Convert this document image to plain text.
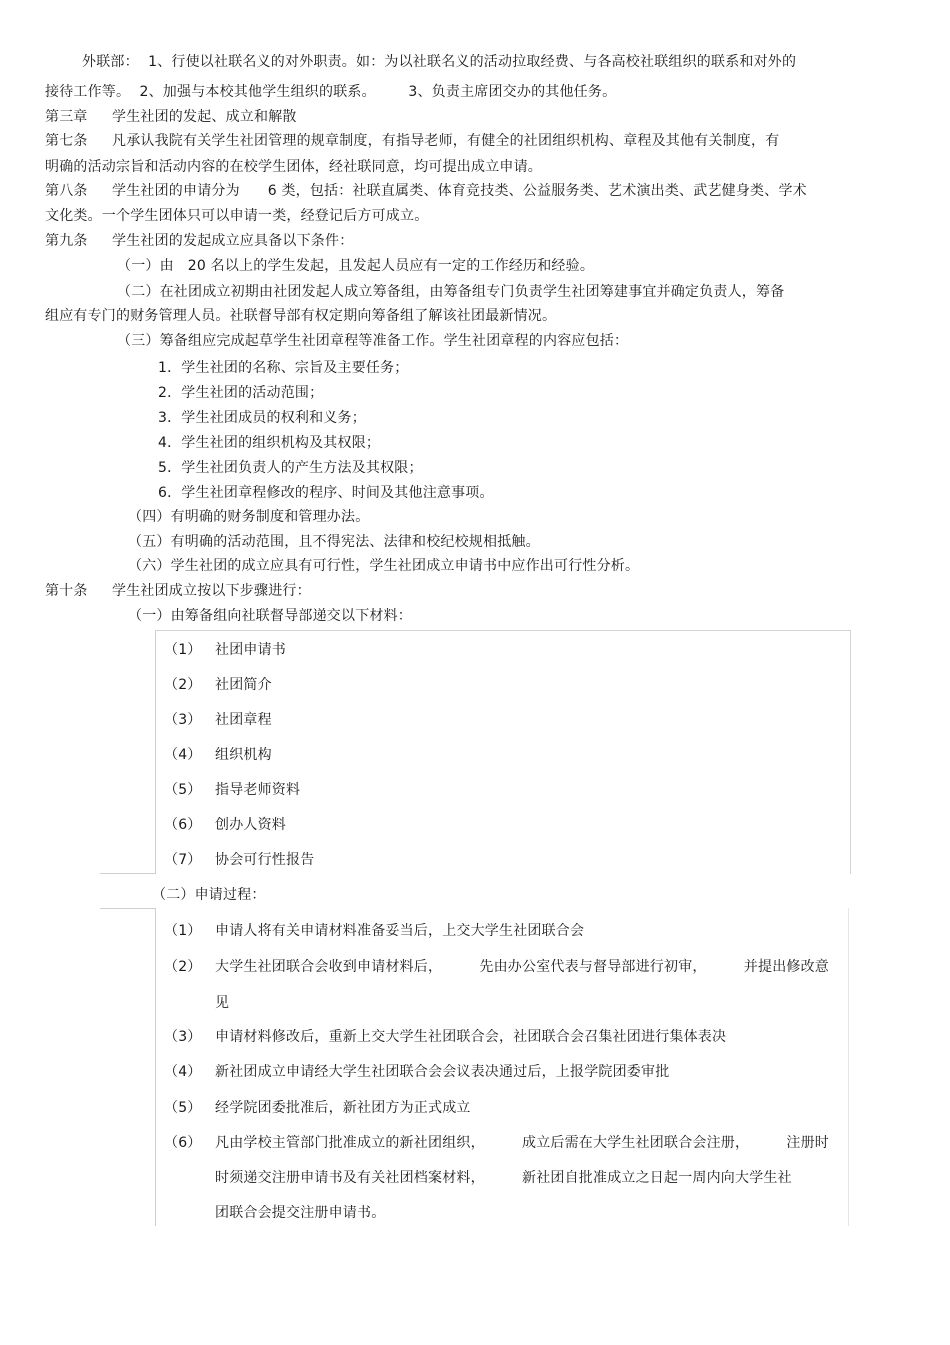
外联部：  1、行使以社联名义的对外职责。如：为以社联名义的活动拉取经费、与各高校社联组织的联系和对外的
接待工作等。  2、加强与本校其他学生组织的联系。       3、负责主席团交办的其他任务。
第三章 学生社团的发起、成立和解散
第七条 凡承认我院有关学生社团管理的规章制度，有指导老师，有健全的社团组织机构、章程及其他有关制度，有
明确的活动宗旨和活动内容的在校学生团体，经社联同意，均可提出成立申请。
第八条 学生社团的申请分为      6 类，包括：社联直属类、体育竞技类、公益服务类、艺术演出类、武艺健身类、学术
文化类。一个学生团体只可以申请一类，经登记后方可成立。
第九条 学生社团的发起成立应具备以下条件：
（一）由   20 名以上的学生发起，且发起人员应有一定的工作经历和经验。
（二）在社团成立初期由社团发起人成立筹备组，由筹备组专门负责学生社团筹建事宜并确定负责人，筹备
组应有专门的财务管理人员。社联督导部有权定期向筹备组了解该社团最新情况。
（三）筹备组应完成起草学生社团章程等准备工作。学生社团章程的内容应包括：
1．学生社团的名称、宗旨及主要任务；
2．学生社团的活动范围；
3．学生社团成员的权利和义务；
4．学生社团的组织机构及其权限；
5．学生社团负责人的产生方法及其权限；
6．学生社团章程修改的程序、时间及其他注意事项。
（四）有明确的财务制度和管理办法。
（五）有明确的活动范围，且不得宪法、法律和校纪校规相抵触。
（六）学生社团的成立应具有可行性，学生社团成立申请书中应作出可行性分析。
第十条 学生社团成立按以下步骤进行：
（一）由筹备组向社联督导部递交以下材料：
（1） 社团申请书
（2） 社团简介
（3） 社团章程
（4） 组织机构
（5） 指导老师资料
（6） 创办人资料
（7） 协会可行性报告
（二）申请过程：
（1） 申请人将有关申请材料准备妥当后，上交大学生社团联合会
（2） 大学生社团联合会收到申请材料后，        先由办公室代表与督导部进行初审，        并提出修改意
见
（3） 申请材料修改后，重新上交大学生社团联合会，社团联合会召集社团进行集体表决
（4） 新社团成立申请经大学生社团联合会会议表决通过后，上报学院团委审批
（5） 经学院团委批准后，新社团方为正式成立
（6） 凡由学校主管部门批准成立的新社团组织，        成立后需在大学生社团联合会注册，        注册时
时须递交注册申请书及有关社团档案材料，        新社团自批准成立之日起一周内向大学生社
团联合会提交注册申请书。
